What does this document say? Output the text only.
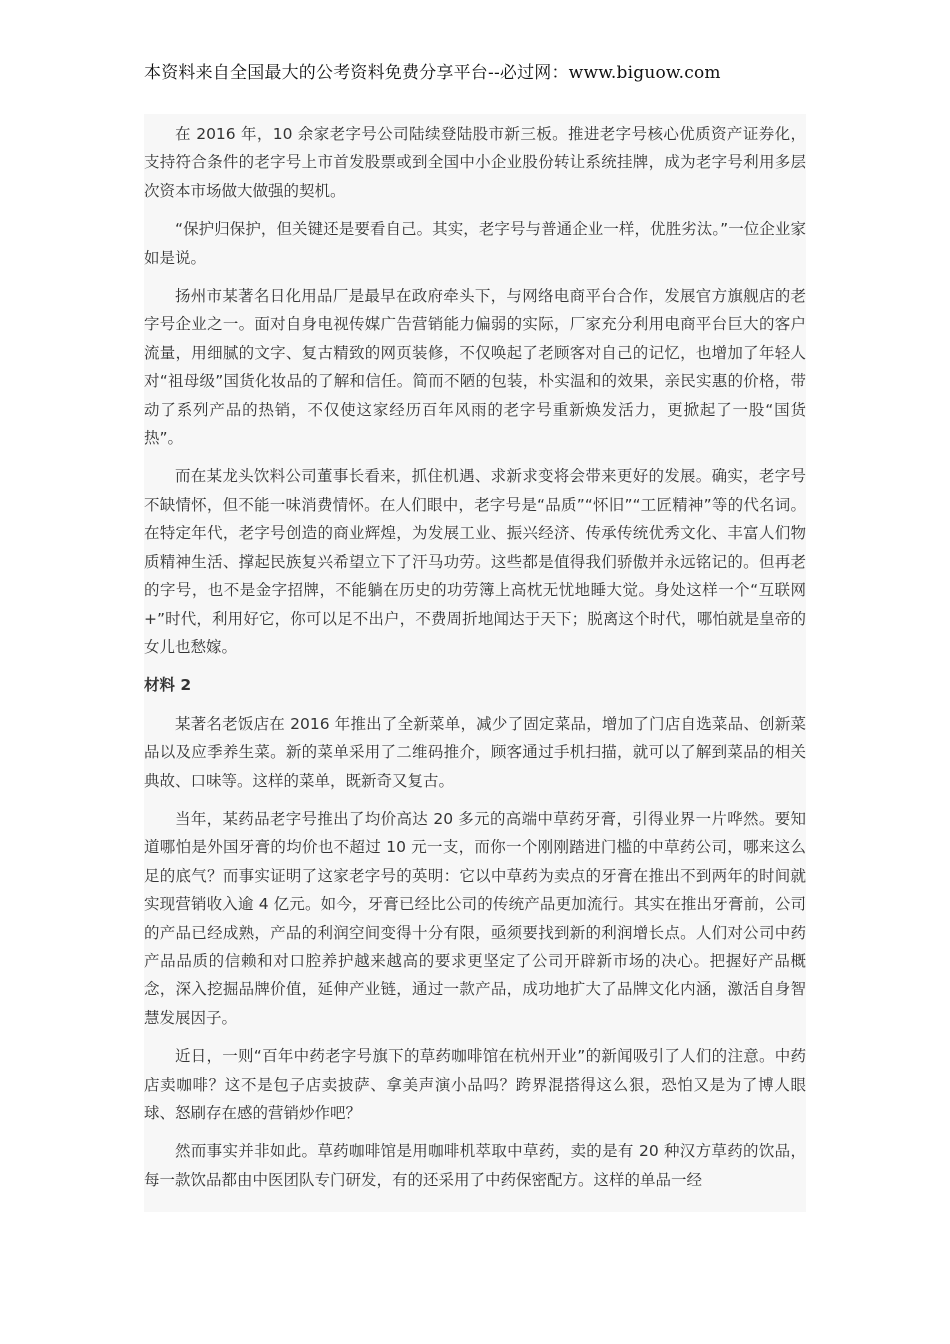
本资料来自全国最大的公考资料免费分享平台--必过网：www.biguow.com

在 2016 年，10 余家老字号公司陆续登陆股市新三板。推进老字号核心优质资产证券化，支持符合条件的老字号上市首发股票或到全国中小企业股份转让系统挂牌，成为老字号利用多层次资本市场做大做强的契机。

“保护归保护，但关键还是要看自己。其实，老字号与普通企业一样，优胜劣汰。”一位企业家如是说。

扬州市某著名日化用品厂是最早在政府牵头下，与网络电商平台合作，发展官方旗舰店的老字号企业之一。面对自身电视传媒广告营销能力偏弱的实际，厂家充分利用电商平台巨大的客户流量，用细腻的文字、复古精致的网页装修，不仅唤起了老顾客对自己的记忆，也增加了年轻人对“祖母级”国货化妆品的了解和信任。简而不陋的包装，朴实温和的效果，亲民实惠的价格，带动了系列产品的热销，不仅使这家经历百年风雨的老字号重新焕发活力，更掀起了一股“国货热”。

而在某龙头饮料公司董事长看来，抓住机遇、求新求变将会带来更好的发展。确实，老字号不缺情怀，但不能一味消费情怀。在人们眼中，老字号是“品质”“怀旧”“工匠精神”等的代名词。在特定年代，老字号创造的商业辉煌，为发展工业、振兴经济、传承传统优秀文化、丰富人们物质精神生活、撑起民族复兴希望立下了汗马功劳。这些都是值得我们骄傲并永远铭记的。但再老的字号，也不是金字招牌，不能躺在历史的功劳簿上高枕无忧地睡大觉。身处这样一个“互联网+”时代，利用好它，你可以足不出户，不费周折地闻达于天下；脱离这个时代，哪怕就是皇帝的女儿也愁嫁。

材料 2

某著名老饭店在 2016 年推出了全新菜单，减少了固定菜品，增加了门店自选菜品、创新菜品以及应季养生菜。新的菜单采用了二维码推介，顾客通过手机扫描，就可以了解到菜品的相关典故、口味等。这样的菜单，既新奇又复古。

当年，某药品老字号推出了均价高达 20 多元的高端中草药牙膏，引得业界一片哗然。要知道哪怕是外国牙膏的均价也不超过 10 元一支，而你一个刚刚踏进门槛的中草药公司，哪来这么足的底气？而事实证明了这家老字号的英明：它以中草药为卖点的牙膏在推出不到两年的时间就实现营销收入逾 4 亿元。如今，牙膏已经比公司的传统产品更加流行。其实在推出牙膏前，公司的产品已经成熟，产品的利润空间变得十分有限，亟须要找到新的利润增长点。人们对公司中药产品品质的信赖和对口腔养护越来越高的要求更坚定了公司开辟新市场的决心。把握好产品概念，深入挖掘品牌价值，延伸产业链，通过一款产品，成功地扩大了品牌文化内涵，激活自身智慧发展因子。

近日，一则“百年中药老字号旗下的草药咖啡馆在杭州开业”的新闻吸引了人们的注意。中药店卖咖啡？这不是包子店卖披萨、拿美声演小品吗？跨界混搭得这么狠，恐怕又是为了博人眼球、怒刷存在感的营销炒作吧？

然而事实并非如此。草药咖啡馆是用咖啡机萃取中草药，卖的是有 20 种汉方草药的饮品，每一款饮品都由中医团队专门研发，有的还采用了中药保密配方。这样的单品一经
